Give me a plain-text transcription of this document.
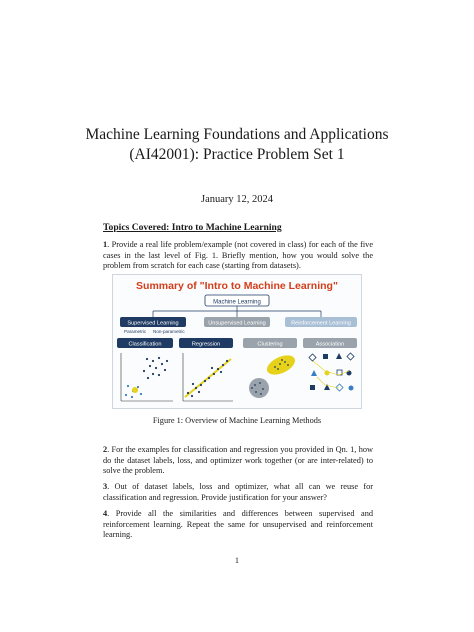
Machine Learning Foundations and Applications
(AI42001): Practice Problem Set 1
January 12, 2024
Topics Covered: Intro to Machine Learning
1. Provide a real life problem/example (not covered in class) for each of the five cases in the last level of Fig. 1. Briefly mention, how you would solve the problem from scratch for each case (starting from datasets).
Summary of "Intro to Machine Learning"
Machine Learning
Supervised Learning	Unsupervised Learning	Reinforcement Learning
Parametric Non-parametric
Classification	Regression	Clustering	Association
Figure 1: Overview of Machine Learning Methods
2. For the examples for classification and regression you provided in Qn. 1, how do the dataset labels, loss, and optimizer work together (or are inter-related) to solve the problem.
3. Out of dataset labels, loss and optimizer, what all can we reuse for classification and regression. Provide justification for your answer?
4. Provide all the similarities and differences between supervised and reinforcement learning. Repeat the same for unsupervised and reinforcement learning.
1
